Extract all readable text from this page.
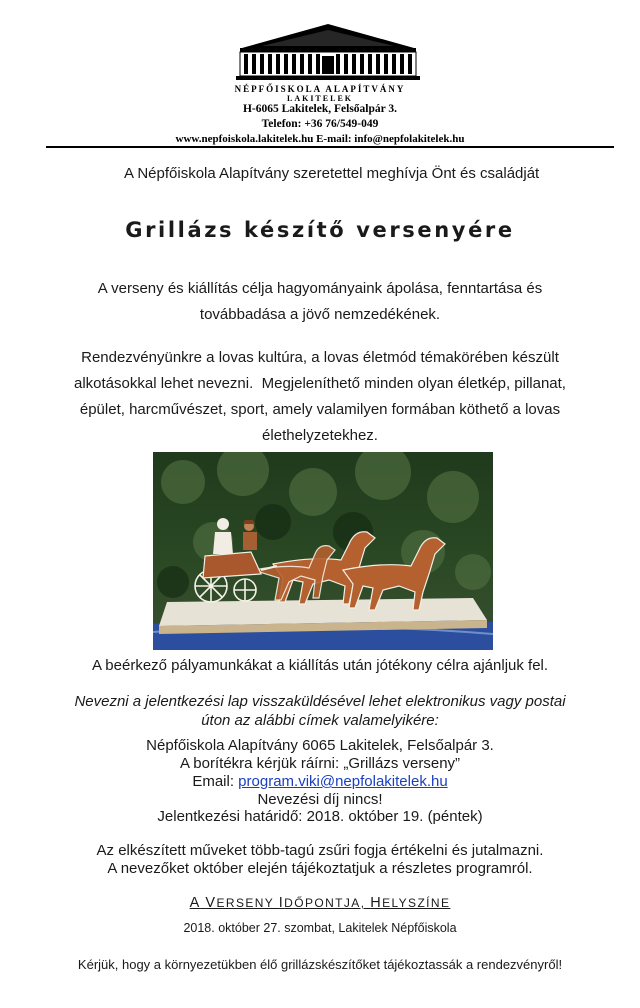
NÉPFŐISKOLA ALAPÍTVÁNY
LAKITELEK
H-6065 Lakitelek, Felsőalpár 3.
Telefon: +36 76/549-049
www.nepfoiskola.lakitelek.hu E-mail: info@nepfolakitelek.hu
A Népfőiskola Alapítvány szeretettel meghívja Önt és családját
Grillázs készítő versenyére
A verseny és kiállítás célja hagyományaink ápolása, fenntartása és
továbbadása a jövő nemzedékének.
Rendezvényünkre a lovas kultúra, a lovas életmód témakörében készült
alkotásokkal lehet nevezni.  Megjeleníthető minden olyan életkép, pillanat,
épület, harcművészet, sport, amely valamilyen formában köthető a lovas
élethelyzetekhez.
A beérkező pályamunkákat a kiállítás után jótékony célra ajánljuk fel.
Nevezni a jelentkezési lap visszaküldésével lehet elektronikus vagy postai
úton az alábbi címek valamelyikére:
Népfőiskola Alapítvány 6065 Lakitelek, Felsőalpár 3.
A borítékra kérjük ráírni: „Grillázs verseny”
Email: program.viki@nepfolakitelek.hu
Nevezési díj nincs!
Jelentkezési határidő: 2018. október 19. (péntek)
Az elkészített műveket több-tagú zsűri fogja értékelni és jutalmazni.
A nevezőket október elején tájékoztatjuk a részletes programról.
A VERSENY IDŐPONTJA, HELYSZÍNE
2018. október 27. szombat, Lakitelek Népfőiskola
Kérjük, hogy a környezetükben élő grillázskészítőket tájékoztassák a rendezvényről!
